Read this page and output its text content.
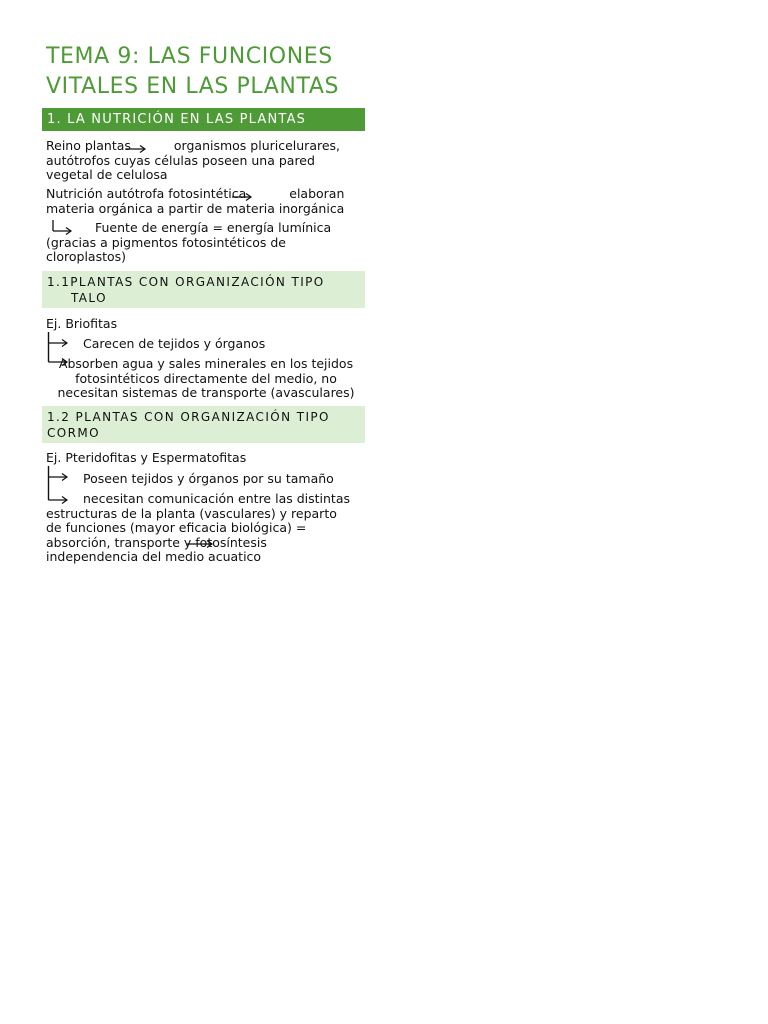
TEMA 9: LAS FUNCIONES
VITALES EN LAS PLANTAS
1. LA NUTRICIÓN EN LAS PLANTAS

Reino plantas	organismos pluricelurares,
autótrofos cuyas células poseen una pared
vegetal de celulosa

Nutrición autótrofa fotosintética	elaboran
materia orgánica a partir de materia inorgánica

Fuente de energía = energía lumínica
(gracias a pigmentos fotosintéticos de
cloroplastos)

1.1PLANTAS CON ORGANIZACIÓN TIPO
TALO

Ej. Briofitas

Carecen de tejidos y órganos

Absorben agua y sales minerales en los tejidos
fotosintéticos directamente del medio, no
necesitan sistemas de transporte (avasculares)

1.2 PLANTAS CON ORGANIZACIÓN TIPO
CORMO

Ej. Pteridofitas y Espermatofitas

Poseen tejidos y órganos por su tamaño

necesitan comunicación entre las distintas
estructuras de la planta (vasculares) y reparto
de funciones (mayor eficacia biológica) =
absorción, transporte y fotosíntesis
independencia del medio acuatico
